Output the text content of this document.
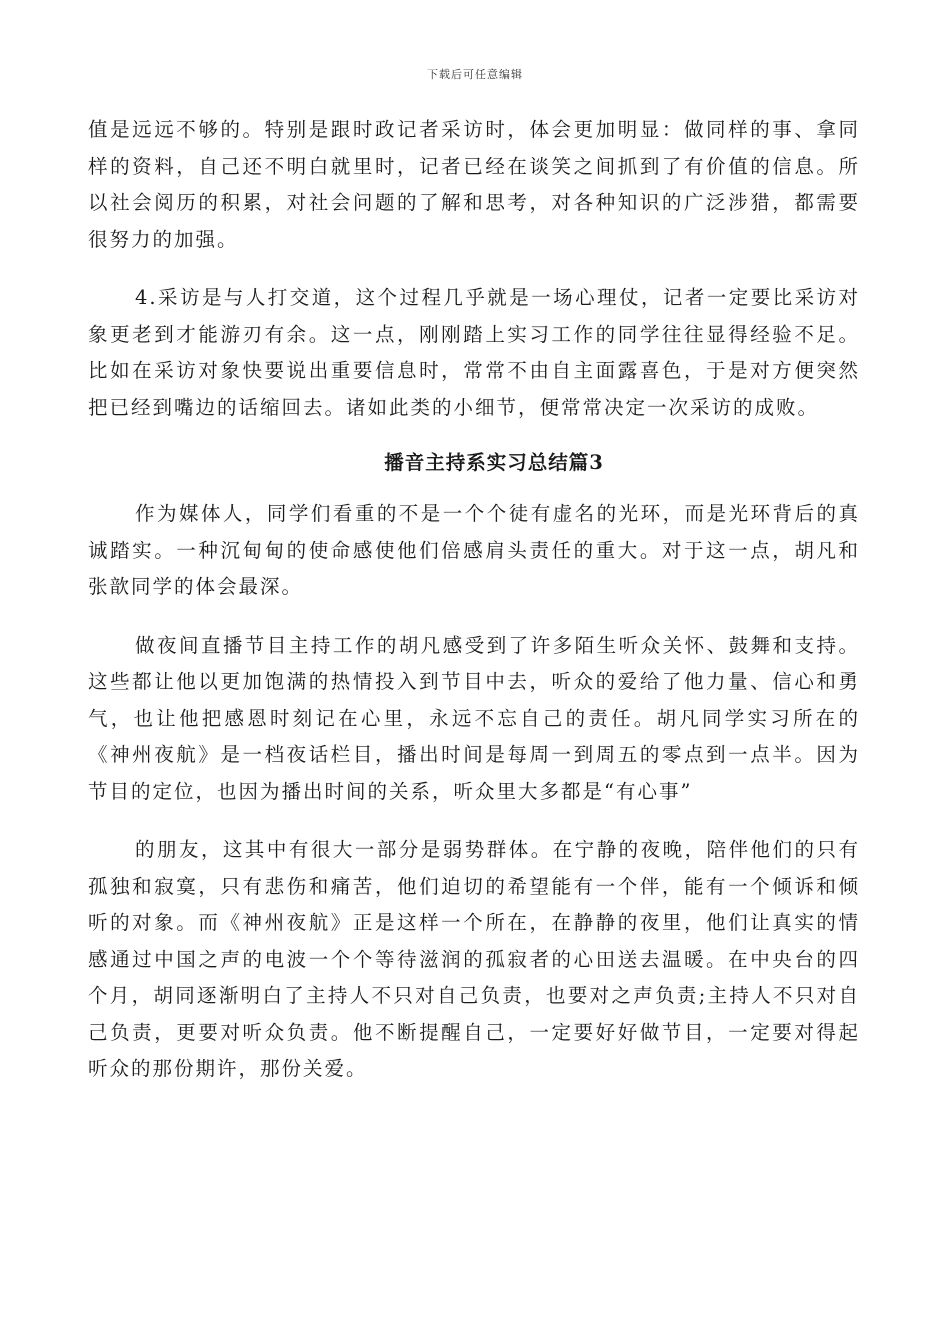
下载后可任意编辑

值是远远不够的。特别是跟时政记者采访时，体会更加明显：做同样的事、拿同样的资料，自己还不明白就里时，记者已经在谈笑之间抓到了有价值的信息。所以社会阅历的积累，对社会问题的了解和思考，对各种知识的广泛涉猎，都需要很努力的加强。

4.采访是与人打交道，这个过程几乎就是一场心理仗，记者一定要比采访对象更老到才能游刃有余。这一点，刚刚踏上实习工作的同学往往显得经验不足。比如在采访对象快要说出重要信息时，常常不由自主面露喜色，于是对方便突然把已经到嘴边的话缩回去。诸如此类的小细节，便常常决定一次采访的成败。

播音主持系实习总结篇3

作为媒体人，同学们看重的不是一个个徒有虚名的光环，而是光环背后的真诚踏实。一种沉甸甸的使命感使他们倍感肩头责任的重大。对于这一点，胡凡和张歆同学的体会最深。

做夜间直播节目主持工作的胡凡感受到了许多陌生听众关怀、鼓舞和支持。这些都让他以更加饱满的热情投入到节目中去，听众的爱给了他力量、信心和勇气，也让他把感恩时刻记在心里，永远不忘自己的责任。胡凡同学实习所在的《神州夜航》是一档夜话栏目，播出时间是每周一到周五的零点到一点半。因为节目的定位，也因为播出时间的关系，听众里大多都是“有心事”

的朋友，这其中有很大一部分是弱势群体。在宁静的夜晚，陪伴他们的只有孤独和寂寞，只有悲伤和痛苦，他们迫切的希望能有一个伴，能有一个倾诉和倾听的对象。而《神州夜航》正是这样一个所在，在静静的夜里，他们让真实的情感通过中国之声的电波一个个等待滋润的孤寂者的心田送去温暖。在中央台的四个月，胡同逐渐明白了主持人不只对自己负责，也要对之声负责;主持人不只对自己负责，更要对听众负责。他不断提醒自己，一定要好好做节目，一定要对得起听众的那份期许，那份关爱。
